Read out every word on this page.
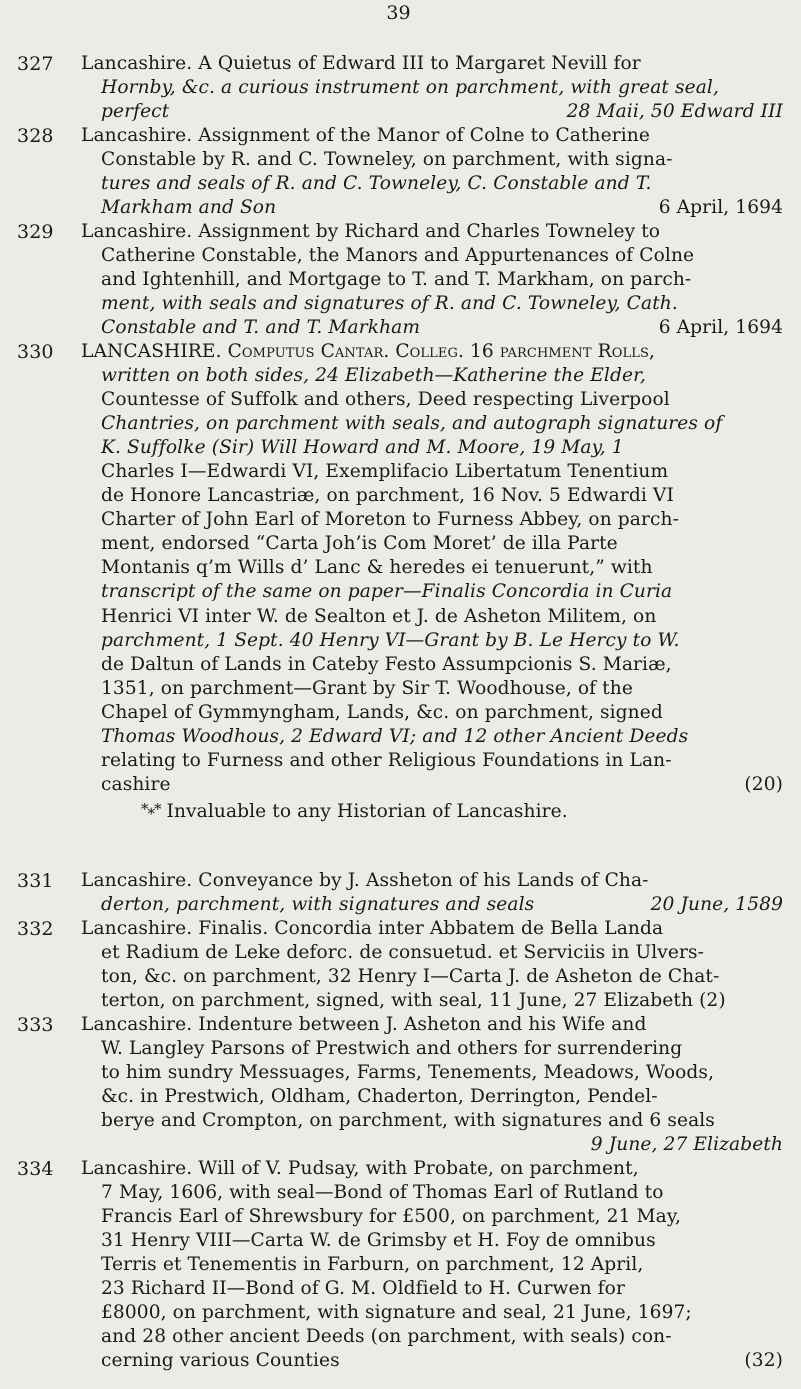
39
327 Lancashire. A Quietus of Edward III to Margaret Nevill for
Hornby, &c. a curious instrument on parchment, with great seal,
perfect	28 Maii, 50 Edward III
328 Lancashire. Assignment of the Manor of Colne to Catherine
Constable by R. and C. Towneley, on parchment, with signa-
tures and seals of R. and C. Towneley, C. Constable and T.
Markham and Son	6 April, 1694
329 Lancashire. Assignment by Richard and Charles Towneley to
Catherine Constable, the Manors and Appurtenances of Colne
and Ightenhill, and Mortgage to T. and T. Markham, on parch-
ment, with seals and signatures of R. and C. Towneley, Cath.
Constable and T. and T. Markham	6 April, 1694
330 LANCASHIRE. Computus Cantar. Colleg. 16 parchment Rolls,
written on both sides, 24 Elizabeth—Katherine the Elder,
Countesse of Suffolk and others, Deed respecting Liverpool
Chantries, on parchment with seals, and autograph signatures of
K. Suffolke (Sir) Will Howard and M. Moore, 19 May, 1
Charles I—Edwardi VI, Exemplifacio Libertatum Tenentium
de Honore Lancastriæ, on parchment, 16 Nov. 5 Edwardi VI
Charter of John Earl of Moreton to Furness Abbey, on parch-
ment, endorsed “Carta Joh’is Com Moret’ de illa Parte
Montanis q’m Wills d’ Lanc & heredes ei tenuerunt,” with
transcript of the same on paper—Finalis Concordia in Curia
Henrici VI inter W. de Sealton et J. de Asheton Militem, on
parchment, 1 Sept. 40 Henry VI—Grant by B. Le Hercy to W.
de Daltun of Lands in Cateby Festo Assumpcionis S. Mariæ,
1351, on parchment—Grant by Sir T. Woodhouse, of the
Chapel of Gymmyngham, Lands, &c. on parchment, signed
Thomas Woodhous, 2 Edward VI; and 12 other Ancient Deeds
relating to Furness and other Religious Foundations in Lan-
cashire	(20)
*⁎* Invaluable to any Historian of Lancashire.
331 Lancashire. Conveyance by J. Assheton of his Lands of Cha-
derton, parchment, with signatures and seals	20 June, 1589
332 Lancashire. Finalis. Concordia inter Abbatem de Bella Landa
et Radium de Leke deforc. de consuetud. et Serviciis in Ulvers-
ton, &c. on parchment, 32 Henry I—Carta J. de Asheton de Chat-
terton, on parchment, signed, with seal, 11 June, 27 Elizabeth (2)
333 Lancashire. Indenture between J. Asheton and his Wife and
W. Langley Parsons of Prestwich and others for surrendering
to him sundry Messuages, Farms, Tenements, Meadows, Woods,
&c. in Prestwich, Oldham, Chaderton, Derrington, Pendel-
berye and Crompton, on parchment, with signatures and 6 seals
9 June, 27 Elizabeth

334 Lancashire. Will of V. Pudsay, with Probate, on parchment,
7 May, 1606, with seal—Bond of Thomas Earl of Rutland to
Francis Earl of Shrewsbury for £500, on parchment, 21 May,
31 Henry VIII—Carta W. de Grimsby et H. Foy de omnibus
Terris et Tenementis in Farburn, on parchment, 12 April,
23 Richard II—Bond of G. M. Oldfield to H. Curwen for
£8000, on parchment, with signature and seal, 21 June, 1697;
and 28 other ancient Deeds (on parchment, with seals) con-
cerning various Counties	(32)
